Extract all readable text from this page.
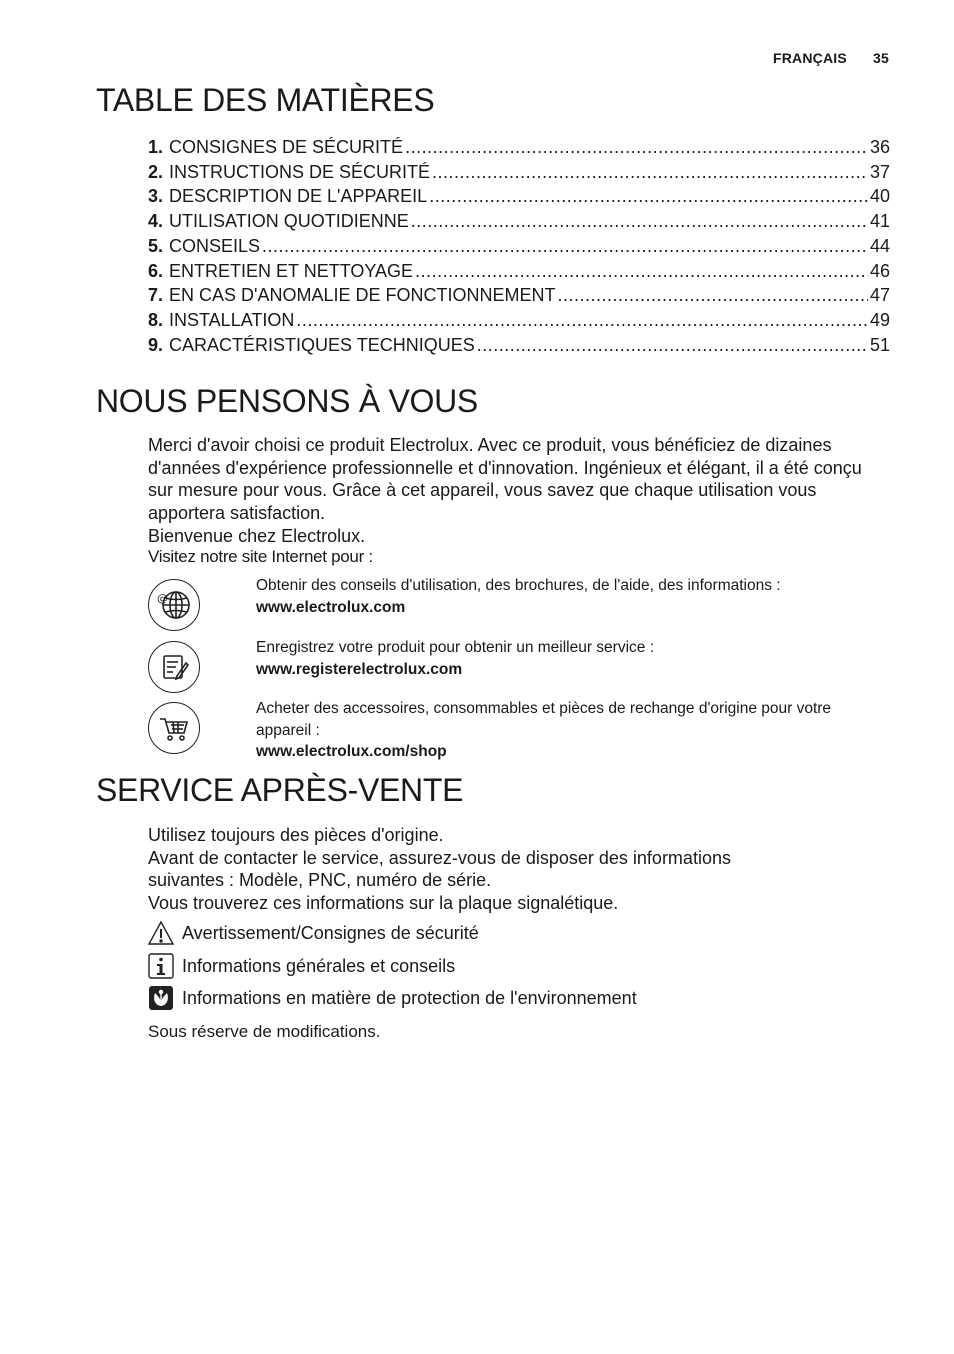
FRANÇAIS 35
TABLE DES MATIÈRES
1. CONSIGNES DE SÉCURITÉ .....	36
2. INSTRUCTIONS DE SÉCURITÉ .....	37
3. DESCRIPTION DE L'APPAREIL .....	40
4. UTILISATION QUOTIDIENNE .....	41
5. CONSEILS .....	44
6. ENTRETIEN ET NETTOYAGE .....	46
7. EN CAS D'ANOMALIE DE FONCTIONNEMENT .....	47
8. INSTALLATION .....	49
9. CARACTÉRISTIQUES TECHNIQUES .....	51
NOUS PENSONS À VOUS

Merci d'avoir choisi ce produit Electrolux. Avec ce produit, vous bénéficiez de dizaines d'années d'expérience professionnelle et d'innovation. Ingénieux et élégant, il a été conçu sur mesure pour vous. Grâce à cet appareil, vous savez que chaque utilisation vous apportera satisfaction.

Bienvenue chez Electrolux.

Visitez notre site Internet pour :
@
Obtenir des conseils d'utilisation, des brochures, de l'aide, des informations :
www.electrolux.com
Enregistrez votre produit pour obtenir un meilleur service :
www.registerelectrolux.com
Acheter des accessoires, consommables et pièces de rechange d'origine pour votre appareil :
www.electrolux.com/shop
SERVICE APRÈS-VENTE

Utilisez toujours des pièces d'origine.

Avant de contacter le service, assurez-vous de disposer des informations suivantes : Modèle, PNC, numéro de série.

Vous trouverez ces informations sur la plaque signalétique.

Avertissement/Consignes de sécurité
Informations générales et conseils
Informations en matière de protection de l'environnement
Sous réserve de modifications.
